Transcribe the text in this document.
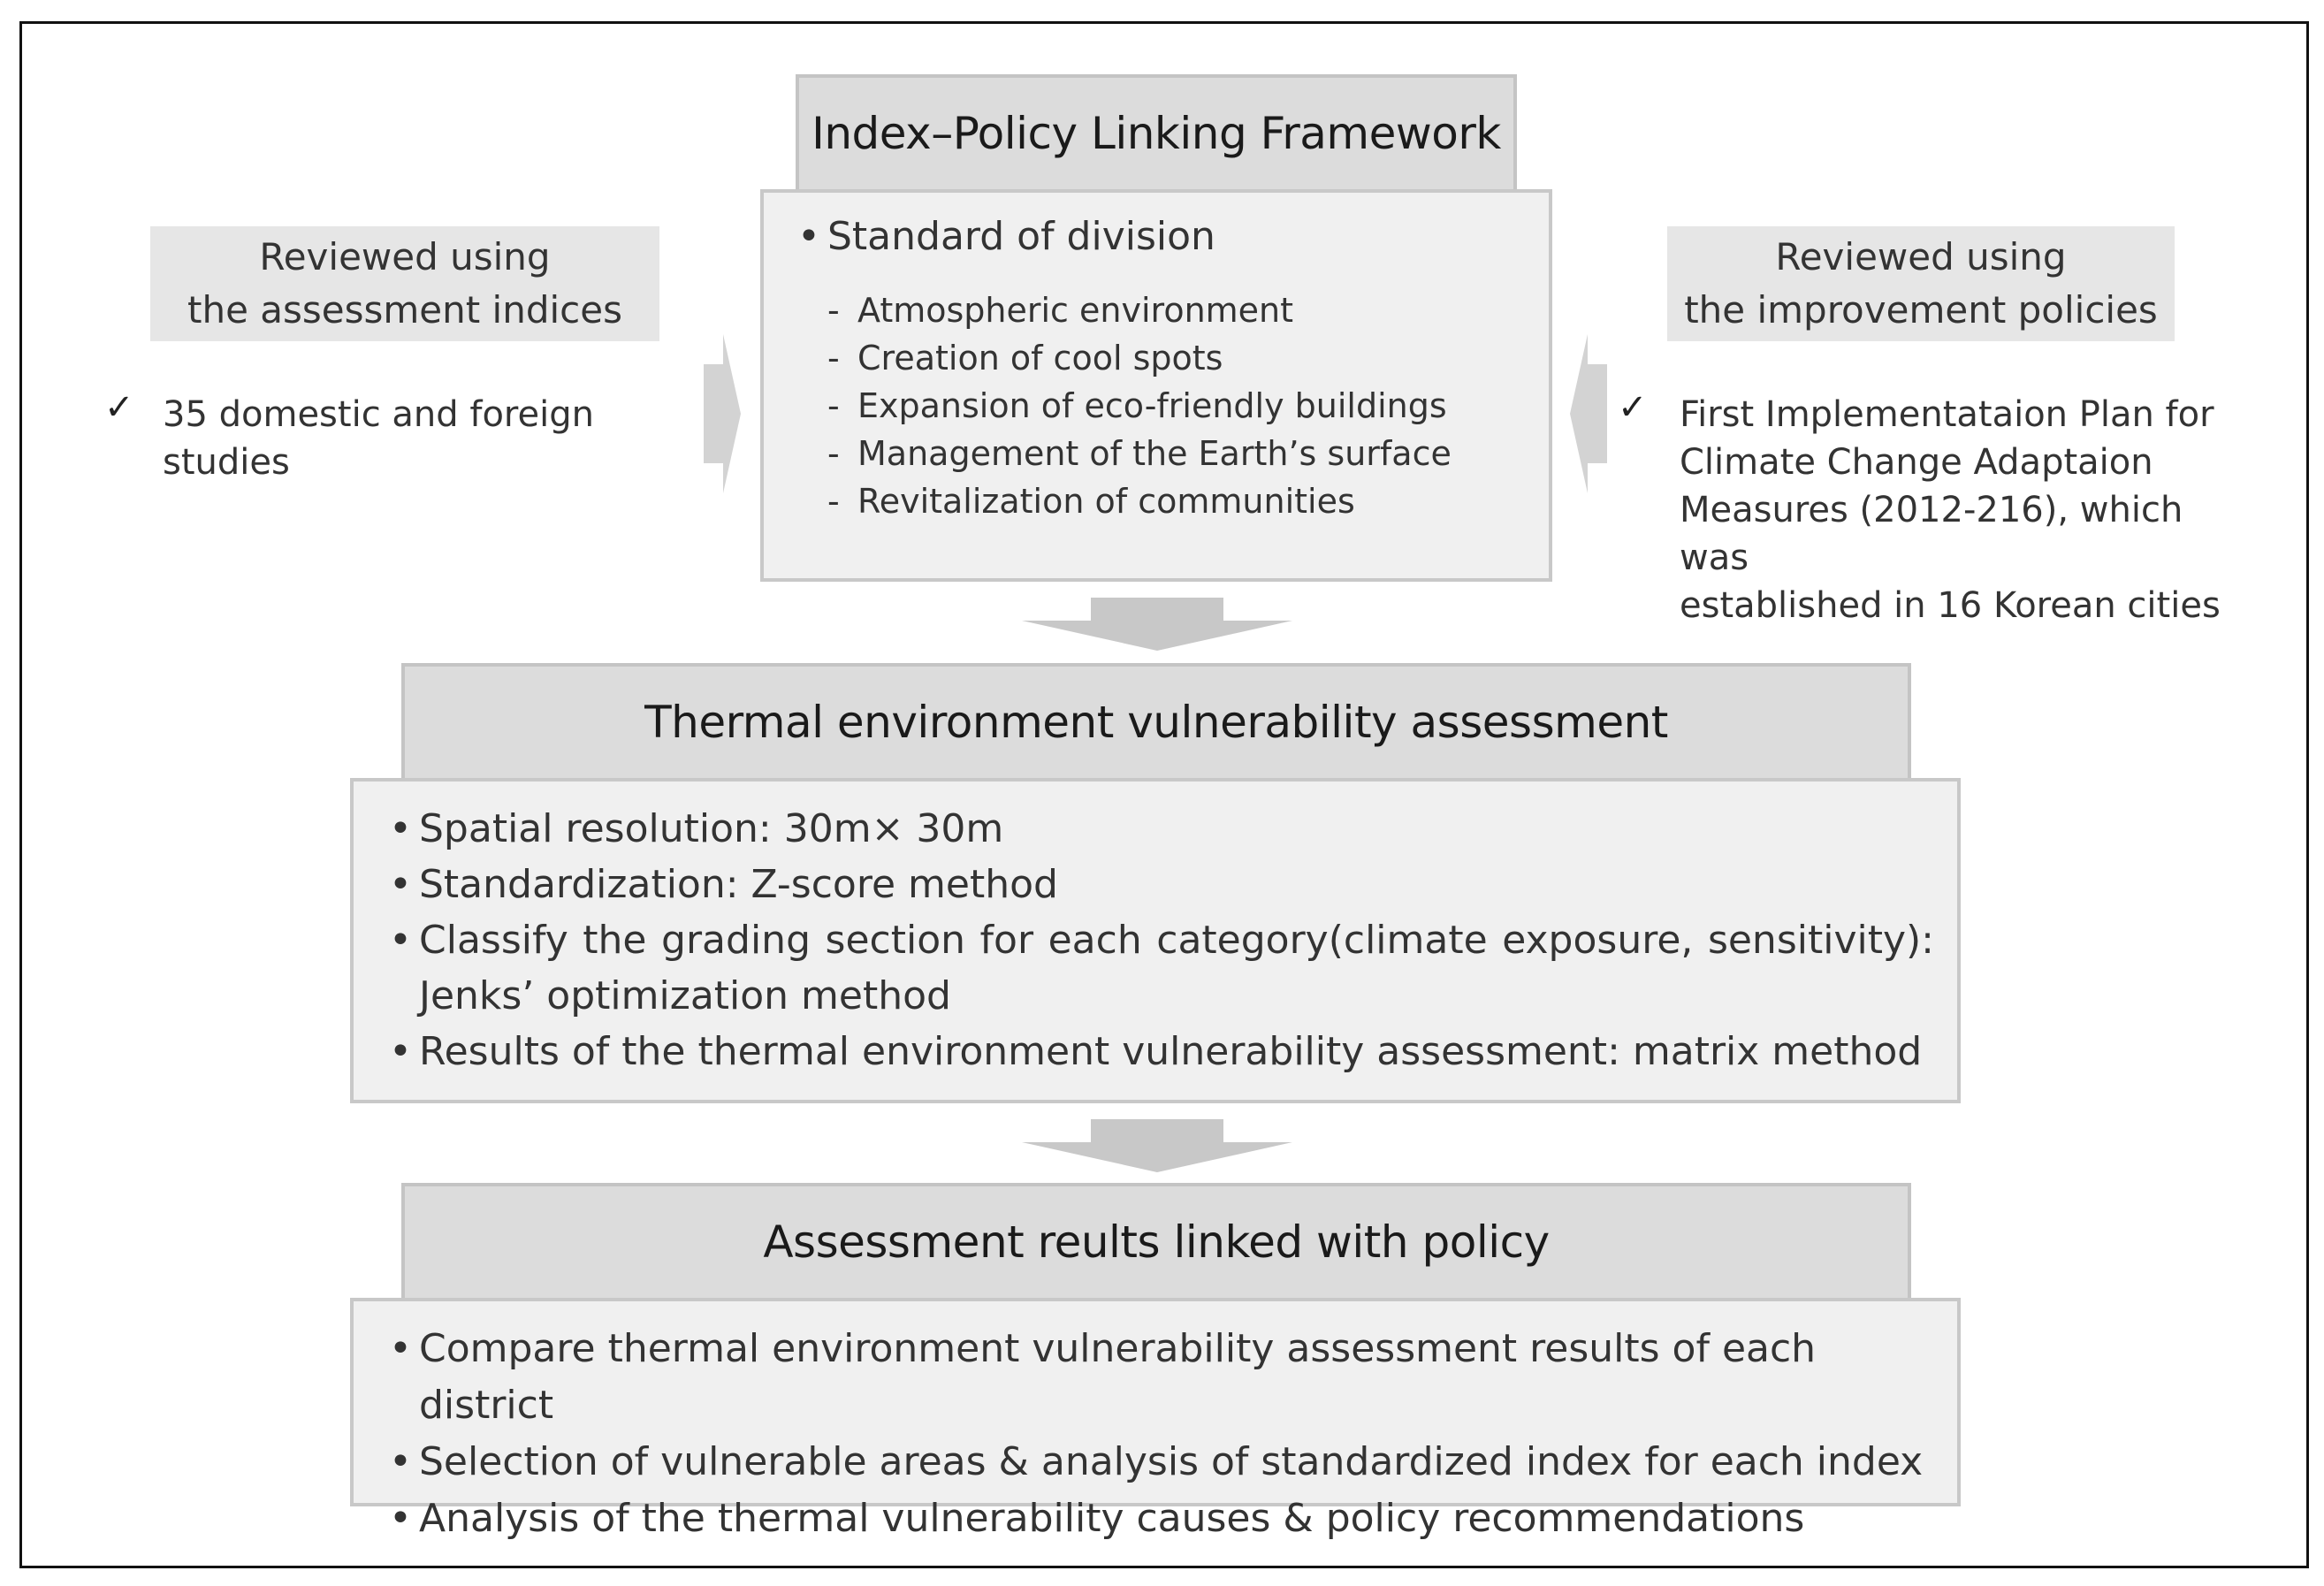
Index–Policy Linking Framework
• Standard of division
- Atmospheric environment
- Creation of cool spots
- Expansion of eco-friendly buildings
- Management of the Earth’s surface
- Revitalization of communities
Reviewed using
the assessment indices
✓ 35 domestic and foreign studies
Reviewed using
the improvement policies
✓ First Implementataion Plan for
Climate Change Adaptaion
Measures (2012-216), which was
established in 16 Korean cities
Thermal environment vulnerability assessment
• Spatial resolution: 30m× 30m
• Standardization: Z-score method
• Classify the grading section for each category(climate exposure, sensitivity): Jenks’ optimization method
• Results of the thermal environment vulnerability assessment: matrix method
Assessment reults linked with policy
• Compare thermal environment vulnerability assessment results of each district
• Selection of vulnerable areas & analysis of standardized index for each index
• Analysis of the thermal vulnerability causes & policy recommendations
